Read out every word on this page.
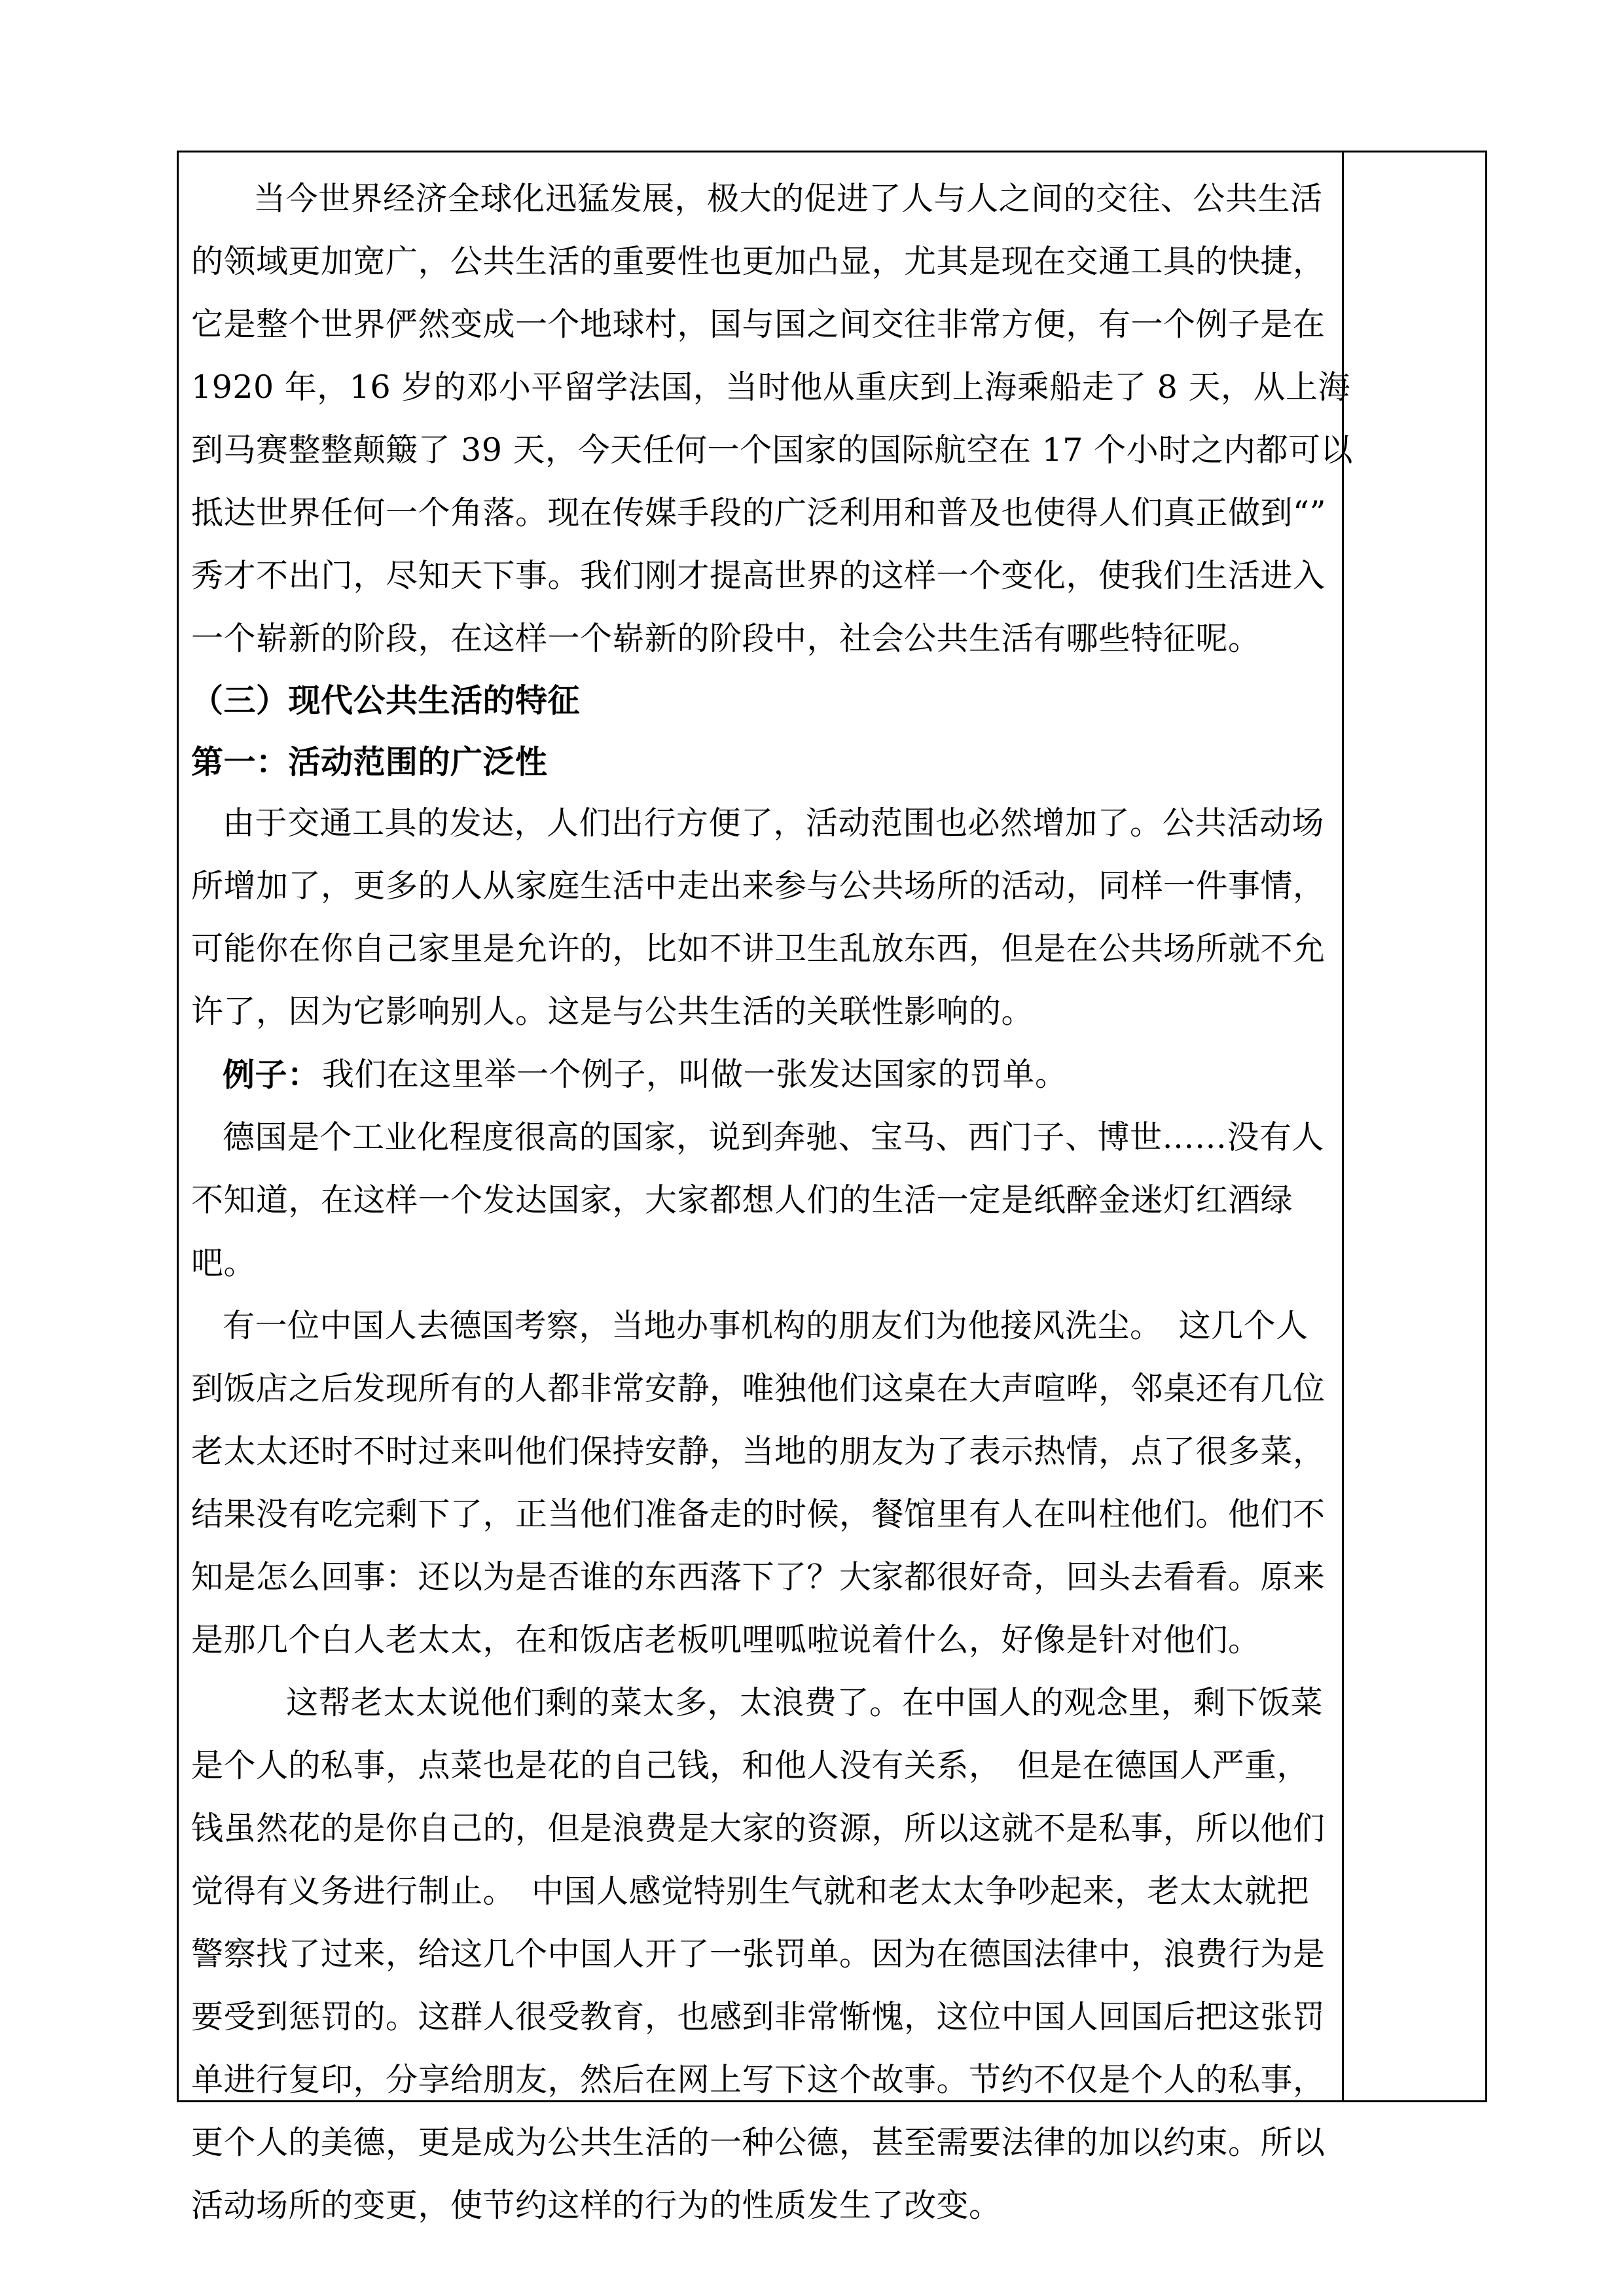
当今世界经济全球化迅猛发展，极大的促进了人与人之间的交往、公共生活
的领域更加宽广，公共生活的重要性也更加凸显，尤其是现在交通工具的快捷，
它是整个世界俨然变成一个地球村，国与国之间交往非常方便，有一个例子是在
1920 年，16 岁的邓小平留学法国，当时他从重庆到上海乘船走了 8 天，从上海
到马赛整整颠簸了 39 天，今天任何一个国家的国际航空在 17 个小时之内都可以
抵达世界任何一个角落。现在传媒手段的广泛利用和普及也使得人们真正做到“”
秀才不出门，尽知天下事。我们刚才提高世界的这样一个变化，使我们生活进入
一个崭新的阶段，在这样一个崭新的阶段中，社会公共生活有哪些特征呢。
（三）现代公共生活的特征
第一：活动范围的广泛性
由于交通工具的发达，人们出行方便了，活动范围也必然增加了。公共活动场
所增加了，更多的人从家庭生活中走出来参与公共场所的活动，同样一件事情，
可能你在你自己家里是允许的，比如不讲卫生乱放东西，但是在公共场所就不允
许了，因为它影响别人。这是与公共生活的关联性影响的。
例子： 我们在这里举一个例子，叫做一张发达国家的罚单。
德国是个工业化程度很高的国家，说到奔驰、宝马、西门子、博世……没有人
不知道，在这样一个发达国家，大家都想人们的生活一定是纸醉金迷灯红酒绿
吧。
有一位中国人去德国考察，当地办事机构的朋友们为他接风洗尘。　这几个人
到饭店之后发现所有的人都非常安静，唯独他们这桌在大声喧哗，邻桌还有几位
老太太还时不时过来叫他们保持安静，当地的朋友为了表示热情，点了很多菜，
结果没有吃完剩下了，正当他们准备走的时候，餐馆里有人在叫柱他们。他们不
知是怎么回事：还以为是否谁的东西落下了？大家都很好奇，回头去看看。原来
是那几个白人老太太，在和饭店老板叽哩呱啦说着什么，好像是针对他们。
这帮老太太说他们剩的菜太多，太浪费了。在中国人的观念里，剩下饭菜
是个人的私事，点菜也是花的自己钱，和他人没有关系，　但是在德国人严重，
钱虽然花的是你自己的，但是浪费是大家的资源，所以这就不是私事，所以他们
觉得有义务进行制止。　中国人感觉特别生气就和老太太争吵起来，老太太就把
警察找了过来，给这几个中国人开了一张罚单。因为在德国法律中，浪费行为是
要受到惩罚的。这群人很受教育，也感到非常惭愧，这位中国人回国后把这张罚
单进行复印，分享给朋友，然后在网上写下这个故事。节约不仅是个人的私事，
更个人的美德，更是成为公共生活的一种公德，甚至需要法律的加以约束。所以
活动场所的变更，使节约这样的行为的性质发生了改变。
